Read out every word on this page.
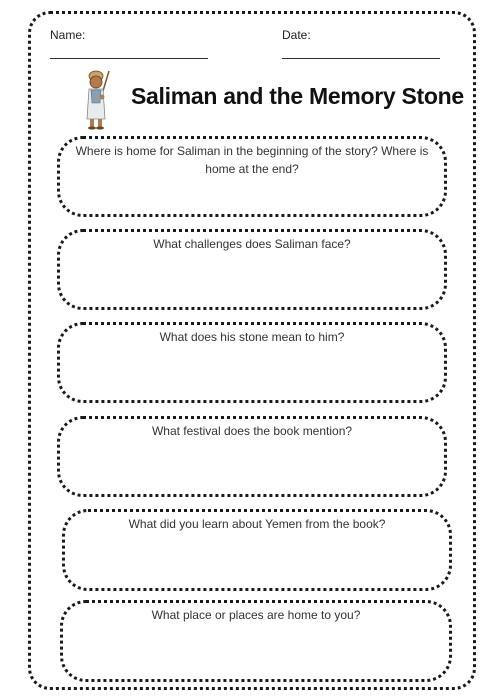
Name:	Date:
Saliman and the Memory Stone
Where is home for Saliman in the beginning of the story? Where is home at the end?
What challenges does Saliman face?
What does his stone mean to him?
What festival does the book mention?
What did you learn about Yemen from the book?
What place or places are home to you?
